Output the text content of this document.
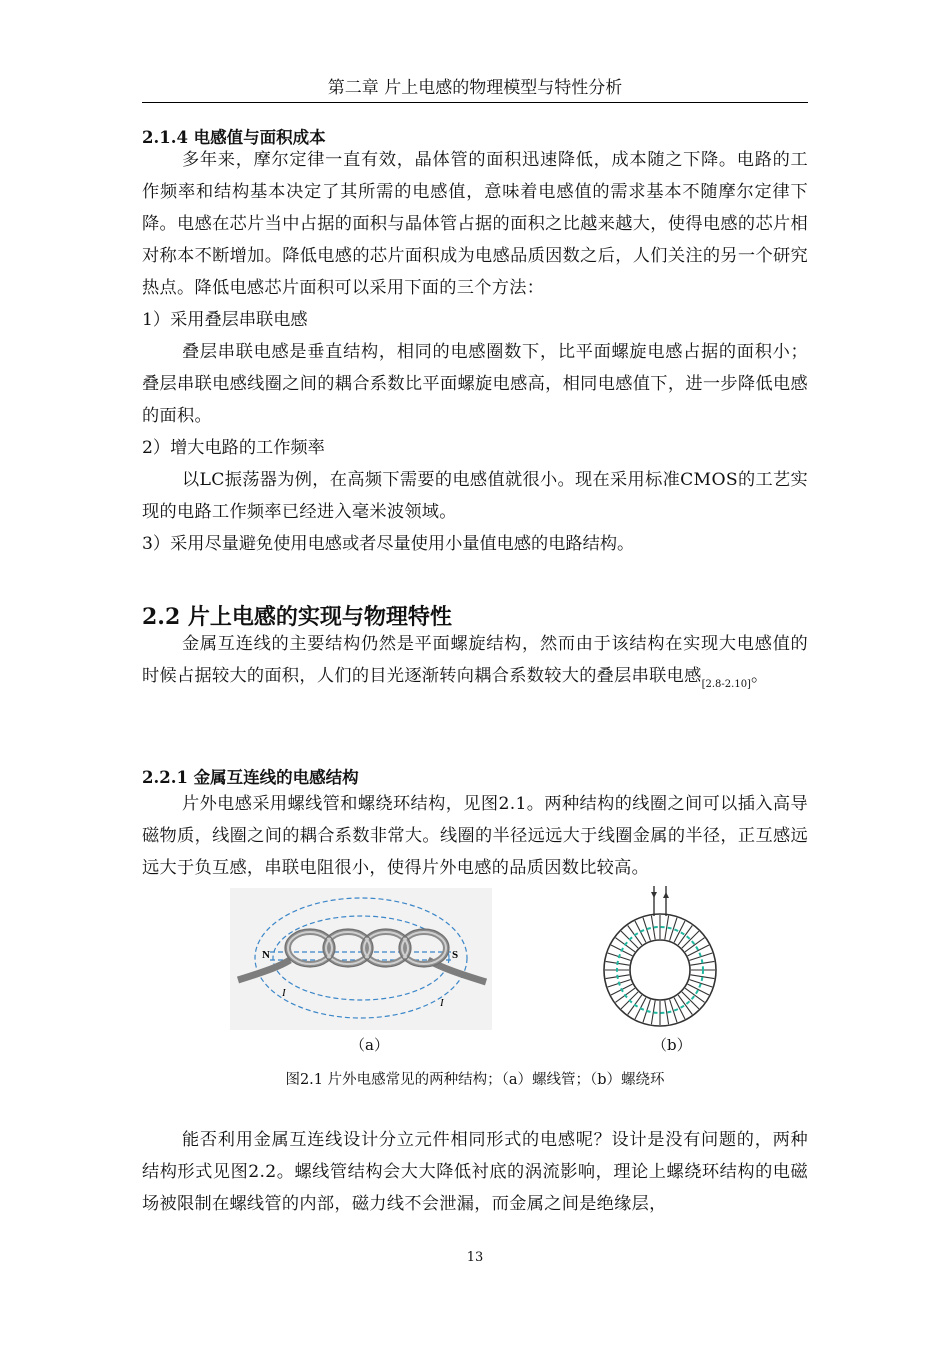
第二章 片上电感的物理模型与特性分析
2.1.4 电感值与面积成本
多年来，摩尔定律一直有效，晶体管的面积迅速降低，成本随之下降。电路的工作频率和结构基本决定了其所需的电感值，意味着电感值的需求基本不随摩尔定律下降。电感在芯片当中占据的面积与晶体管占据的面积之比越来越大，使得电感的芯片相对称本不断增加。降低电感的芯片面积成为电感品质因数之后，人们关注的另一个研究热点。降低电感芯片面积可以采用下面的三个方法：
1）采用叠层串联电感
叠层串联电感是垂直结构，相同的电感圈数下，比平面螺旋电感占据的面积小；叠层串联电感线圈之间的耦合系数比平面螺旋电感高，相同电感值下，进一步降低电感的面积。
2）增大电路的工作频率
以LC振荡器为例，在高频下需要的电感值就很小。现在采用标准CMOS的工艺实现的电路工作频率已经进入毫米波领域。
3）采用尽量避免使用电感或者尽量使用小量值电感的电路结构。
2.2 片上电感的实现与物理特性
金属互连线的主要结构仍然是平面螺旋结构，然而由于该结构在实现大电感值的时候占据较大的面积，人们的目光逐渐转向耦合系数较大的叠层串联电感$_{[2.8-2.10]}$。
2.2.1 金属互连线的电感结构
片外电感采用螺线管和螺绕环结构，见图2.1。两种结构的线圈之间可以插入高导磁物质，线圈之间的耦合系数非常大。线圈的半径远远大于线圈金属的半径，正互感远远大于负互感，串联电阻很小，使得片外电感的品质因数比较高。
N	S
I
I
（a）	（b）
图2.1 片外电感常见的两种结构；（a）螺线管；（b）螺绕环
能否利用金属互连线设计分立元件相同形式的电感呢？设计是没有问题的，两种结构形式见图2.2。螺线管结构会大大降低衬底的涡流影响，理论上螺绕环结构的电磁场被限制在螺线管的内部，磁力线不会泄漏，而金属之间是绝缘层，
13
